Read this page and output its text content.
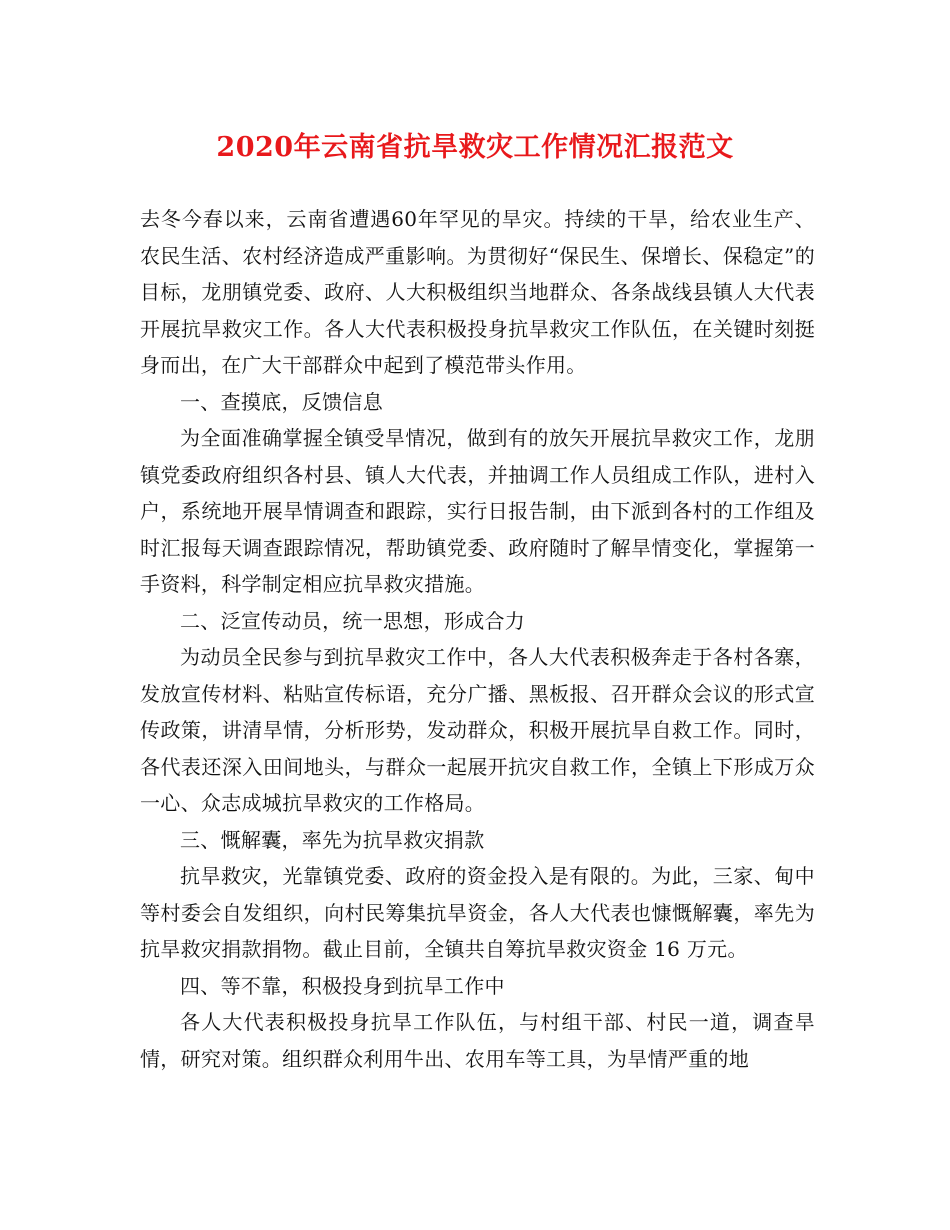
2020年云南省抗旱救灾工作情况汇报范文

去冬今春以来，云南省遭遇60年罕见的旱灾。持续的干旱，给农业生产、农民生活、农村经济造成严重影响。为贯彻好“保民生、保增长、保稳定”的目标，龙朋镇党委、政府、人大积极组织当地群众、各条战线县镇人大代表开展抗旱救灾工作。各人大代表积极投身抗旱救灾工作队伍，在关键时刻挺身而出，在广大干部群众中起到了模范带头作用。

一、查摸底，反馈信息

为全面准确掌握全镇受旱情况，做到有的放矢开展抗旱救灾工作，龙朋镇党委政府组织各村县、镇人大代表，并抽调工作人员组成工作队，进村入户，系统地开展旱情调查和跟踪，实行日报告制，由下派到各村的工作组及时汇报每天调查跟踪情况，帮助镇党委、政府随时了解旱情变化，掌握第一手资料，科学制定相应抗旱救灾措施。

二、泛宣传动员，统一思想，形成合力

为动员全民参与到抗旱救灾工作中，各人大代表积极奔走于各村各寨，发放宣传材料、粘贴宣传标语，充分广播、黑板报、召开群众会议的形式宣传政策，讲清旱情，分析形势，发动群众，积极开展抗旱自救工作。同时，各代表还深入田间地头，与群众一起展开抗灾自救工作，全镇上下形成万众一心、众志成城抗旱救灾的工作格局。

三、慨解囊，率先为抗旱救灾捐款

抗旱救灾，光靠镇党委、政府的资金投入是有限的。为此，三家、甸中等村委会自发组织，向村民筹集抗旱资金，各人大代表也慷慨解囊，率先为抗旱救灾捐款捐物。截止目前，全镇共自筹抗旱救灾资金 16 万元。

四、等不靠，积极投身到抗旱工作中

各人大代表积极投身抗旱工作队伍，与村组干部、村民一道，调查旱情，研究对策。组织群众利用牛出、农用车等工具，为旱情严重的地
